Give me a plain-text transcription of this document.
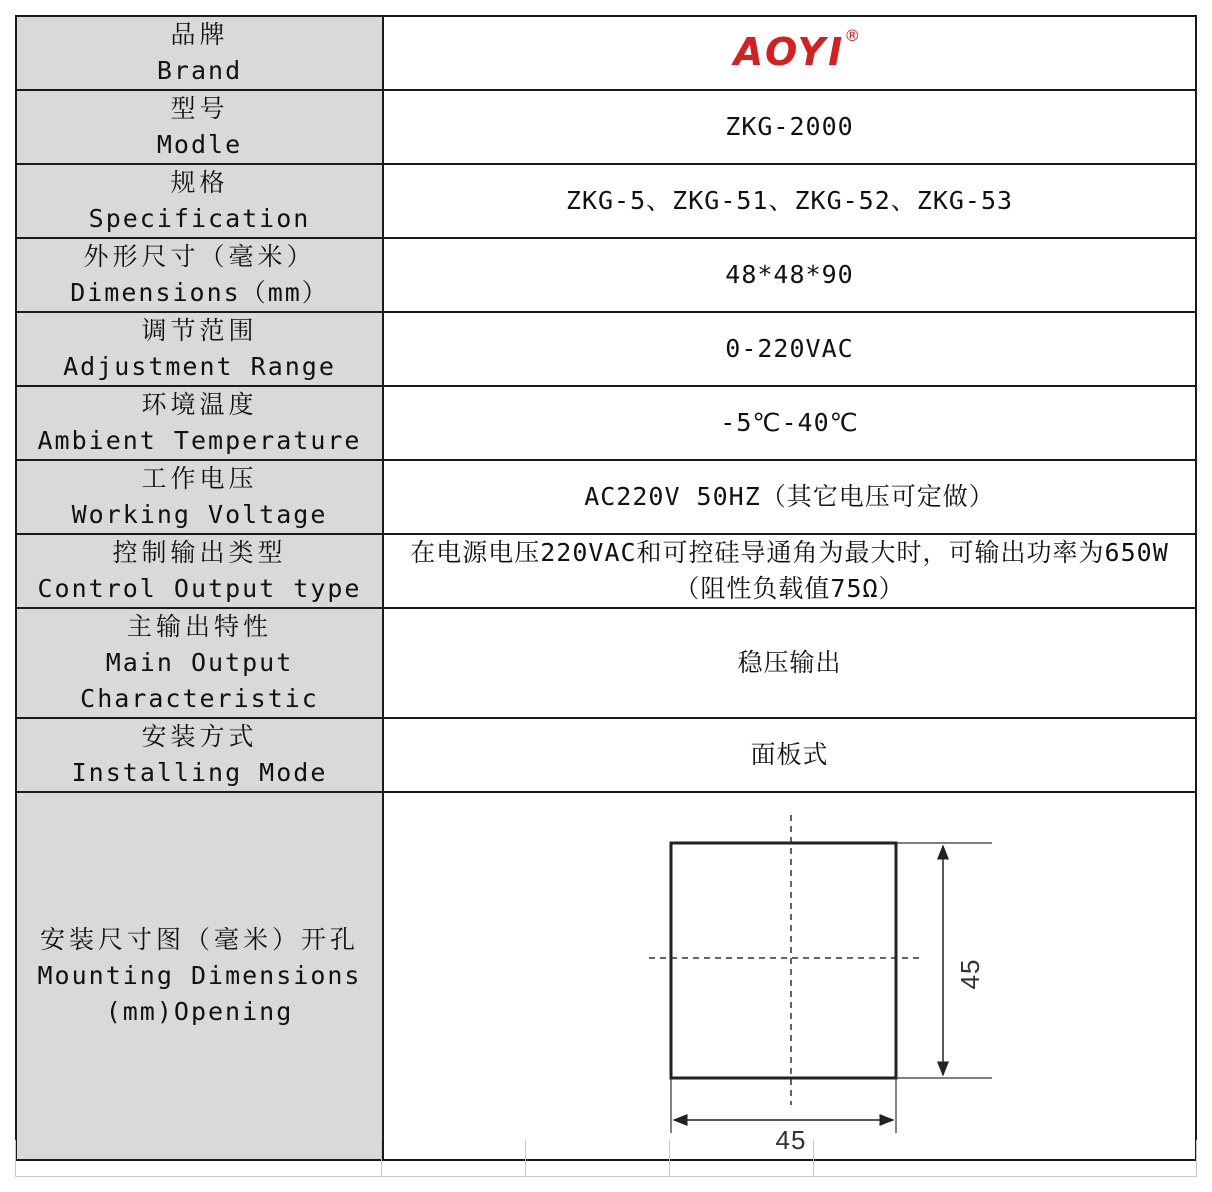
品牌
Brand	AOYI ®

型号
Modle	ZKG-2000

规格
Specification	ZKG-5、ZKG-51、ZKG-52、ZKG-53

外形尺寸（毫米）
Dimensions（mm）	48*48*90

调节范围
Adjustment Range	0-220VAC

环境温度
Ambient Temperature	-5℃-40℃

工作电压
Working Voltage	AC220V 50HZ（其它电压可定做）

控制输出类型
Control Output type	在电源电压220VAC和可控硅导通角为最大时，可输出功率为650W（阻性负载值75Ω）

主输出特性
Main Output
Characteristic	稳压输出

安装方式
Installing Mode	面板式

安装尺寸图（毫米）开孔
Mounting Dimensions
(mm)Opening	45
45
